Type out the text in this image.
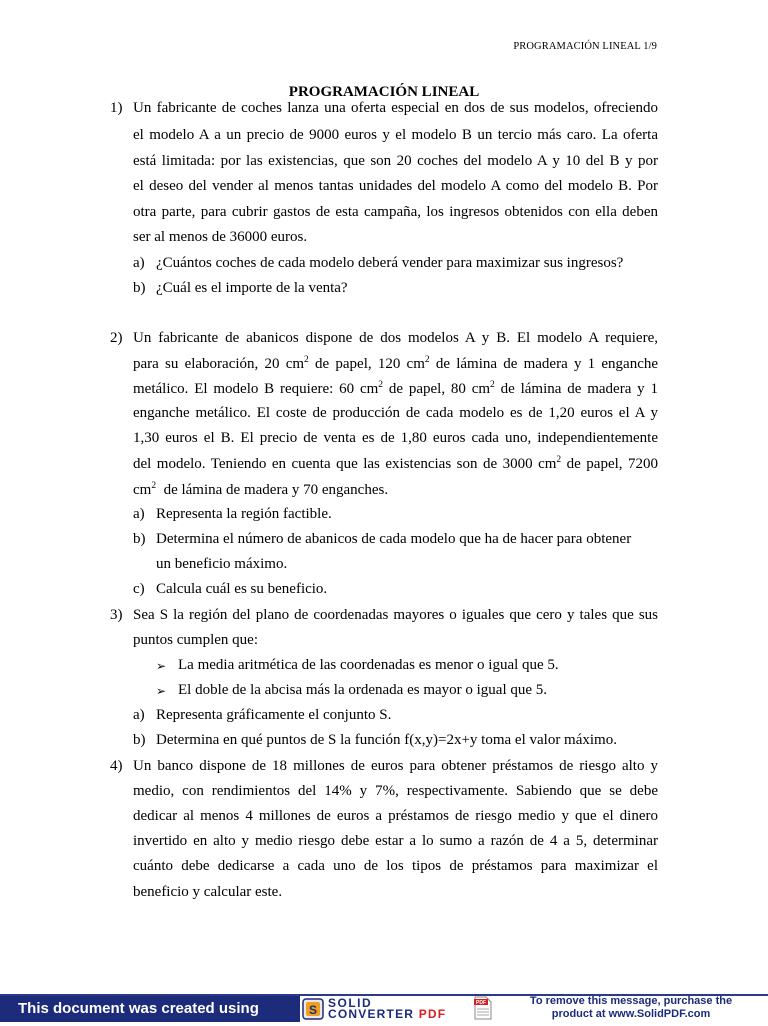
PROGRAMACIÓN LINEAL 1/9
PROGRAMACIÓN LINEAL
1) Un fabricante de coches lanza una oferta especial en dos de sus modelos, ofreciendo
el modelo A a un precio de 9000 euros y el modelo B un tercio más caro. La oferta
está limitada: por las existencias, que son 20 coches del modelo A y 10 del B y por
el deseo del vender al menos tantas unidades del modelo A como del modelo B. Por
otra parte, para cubrir gastos de esta campaña, los ingresos obtenidos con ella deben
ser al menos de 36000 euros.
a) ¿Cuántos coches de cada modelo deberá vender para maximizar sus ingresos?
b) ¿Cuál es el importe de la venta?
2) Un fabricante de abanicos dispone de dos modelos A y B. El modelo A requiere,
para su elaboración, 20 $cm^2$ de papel, 120 $cm^2$ de lámina de madera y 1 enganche
metálico. El modelo B requiere: 60 $cm^2$ de papel, 80 $cm^2$ de lámina de madera y 1
enganche metálico. El coste de producción de cada modelo es de 1,20 euros el A y
1,30 euros el B. El precio de venta es de 1,80 euros cada uno, independientemente
del modelo. Teniendo en cuenta que las existencias son de 3000 $cm^2$ de papel, 7200
$cm^2$  de lámina de madera y 70 enganches.
a) Representa la región factible.
b) Determina el número de abanicos de cada modelo que ha de hacer para obtener
un beneficio máximo.
c) Calcula cuál es su beneficio.
3) Sea S la región del plano de coordenadas mayores o iguales que cero y tales que sus
puntos cumplen que:
➢ La media aritmética de las coordenadas es menor o igual que 5.
➢ El doble de la abcisa más la ordenada es mayor o igual que 5.
a) Representa gráficamente el conjunto S.
b) Determina en qué puntos de S la función f(x,y)=2x+y toma el valor máximo.
4) Un banco dispone de 18 millones de euros para obtener préstamos de riesgo alto y
medio, con rendimientos del 14% y 7%, respectivamente. Sabiendo que se debe
dedicar al menos 4 millones de euros a préstamos de riesgo medio y que el dinero
invertido en alto y medio riesgo debe estar a lo sumo a razón de 4 a 5, determinar
cuánto debe dedicarse a cada uno de los tipos de préstamos para maximizar el
beneficio y calcular este.
This document was created using	S SOLID
CONVERTER PDF
PDF	To remove this message, purchase the
product at www.SolidPDF.com
